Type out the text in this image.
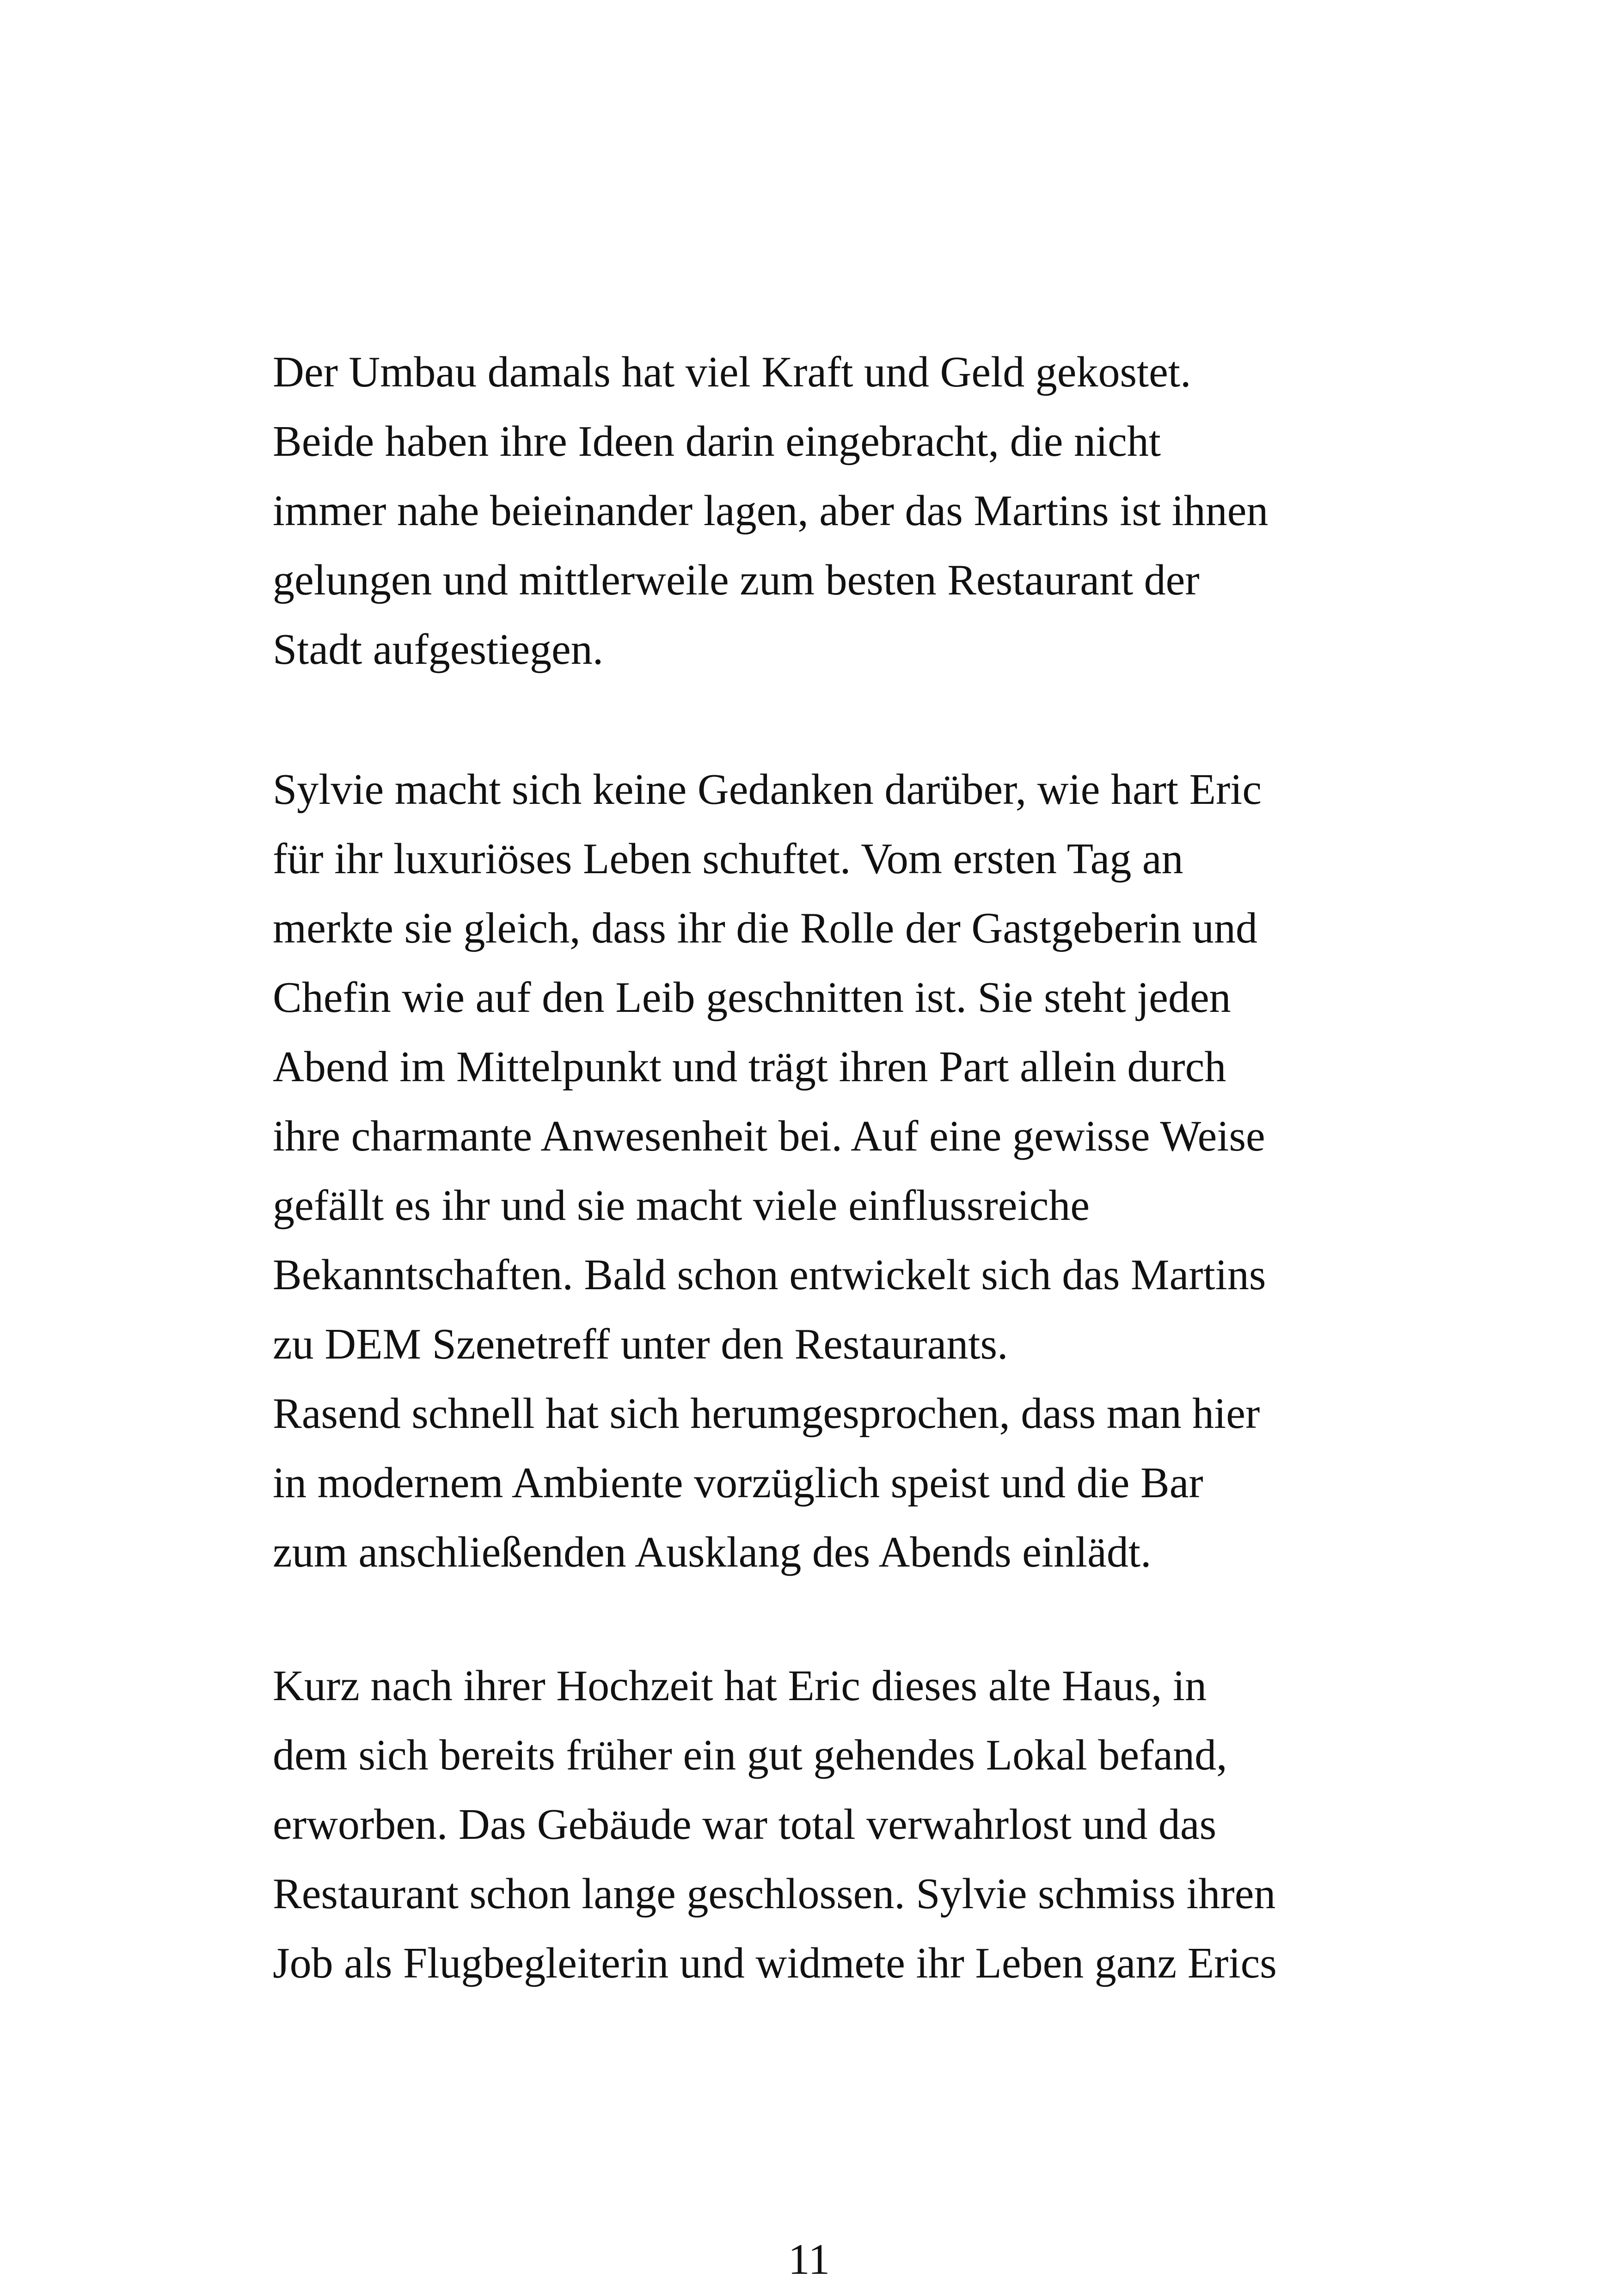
Der Umbau damals hat viel Kraft und Geld gekostet.
Beide haben ihre Ideen darin eingebracht, die nicht
immer nahe beieinander lagen, aber das Martins ist ihnen
gelungen und mittlerweile zum besten Restaurant der
Stadt aufgestiegen.
Sylvie macht sich keine Gedanken darüber, wie hart Eric
für ihr luxuriöses Leben schuftet. Vom ersten Tag an
merkte sie gleich, dass ihr die Rolle der Gastgeberin und
Chefin wie auf den Leib geschnitten ist. Sie steht jeden
Abend im Mittelpunkt und trägt ihren Part allein durch
ihre charmante Anwesenheit bei. Auf eine gewisse Weise
gefällt es ihr und sie macht viele einflussreiche
Bekanntschaften. Bald schon entwickelt sich das Martins
zu DEM Szenetreff unter den Restaurants.
Rasend schnell hat sich herumgesprochen, dass man hier
in modernem Ambiente vorzüglich speist und die Bar
zum anschließenden Ausklang des Abends einlädt.
Kurz nach ihrer Hochzeit hat Eric dieses alte Haus, in
dem sich bereits früher ein gut gehendes Lokal befand,
erworben. Das Gebäude war total verwahrlost und das
Restaurant schon lange geschlossen. Sylvie schmiss ihren
Job als Flugbegleiterin und widmete ihr Leben ganz Erics
11
